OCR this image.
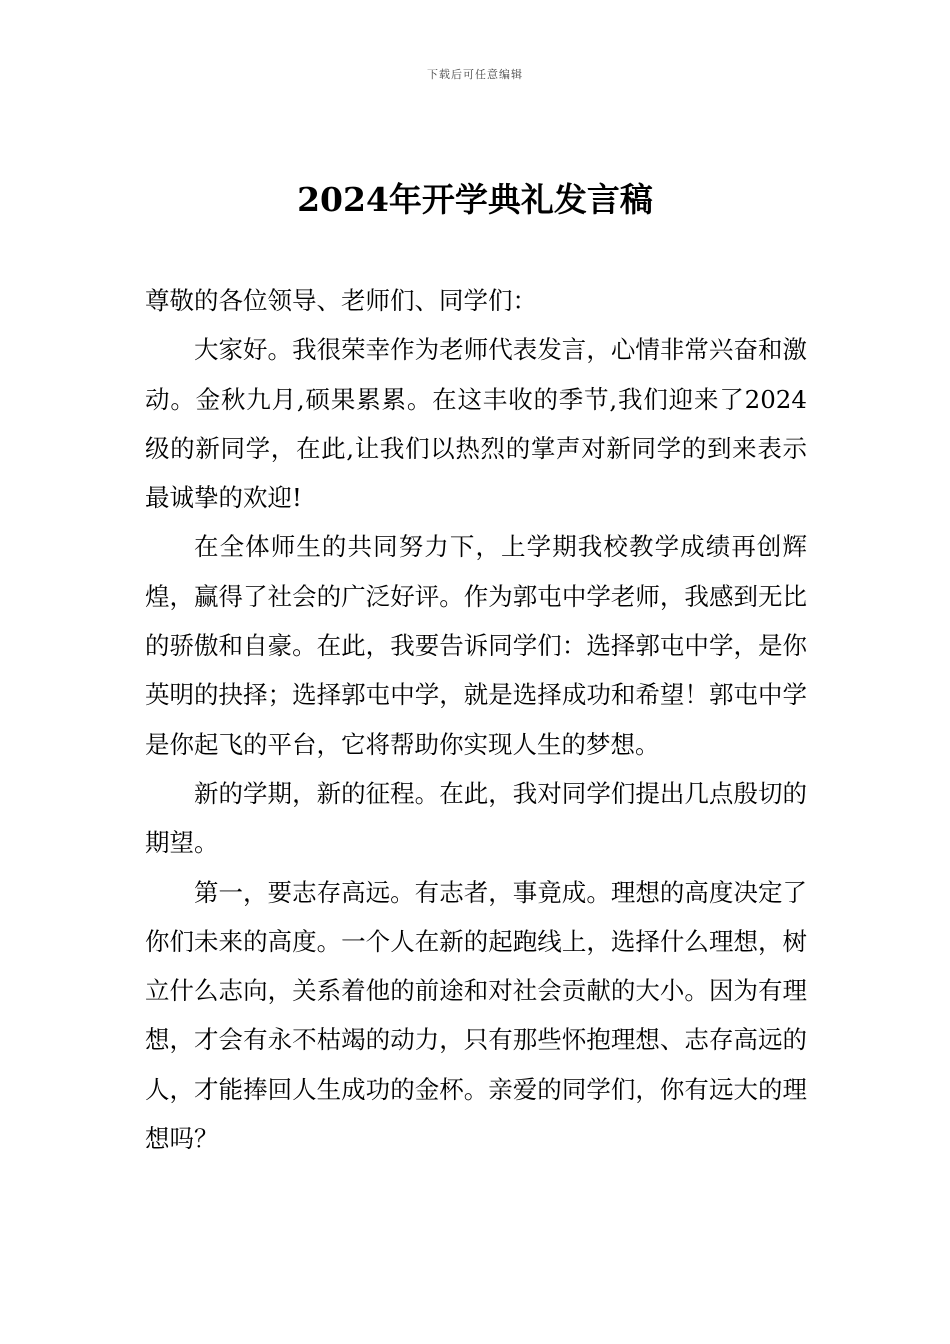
下载后可任意编辑
2024年开学典礼发言稿

尊敬的各位领导、老师们、同学们：

大家好。我很荣幸作为老师代表发言，心情非常兴奋和激动。金秋九月,硕果累累。在这丰收的季节,我们迎来了2024级的新同学，在此,让我们以热烈的掌声对新同学的到来表示最诚挚的欢迎!

在全体师生的共同努力下，上学期我校教学成绩再创辉煌，赢得了社会的广泛好评。作为郭屯中学老师，我感到无比的骄傲和自豪。在此，我要告诉同学们：选择郭屯中学，是你英明的抉择；选择郭屯中学，就是选择成功和希望！郭屯中学是你起飞的平台，它将帮助你实现人生的梦想。

新的学期，新的征程。在此，我对同学们提出几点殷切的期望。

第一，要志存高远。有志者，事竟成。理想的高度决定了你们未来的高度。一个人在新的起跑线上，选择什么理想，树立什么志向，关系着他的前途和对社会贡献的大小。因为有理想，才会有永不枯竭的动力，只有那些怀抱理想、志存高远的人，才能捧回人生成功的金杯。亲爱的同学们，你有远大的理想吗？
